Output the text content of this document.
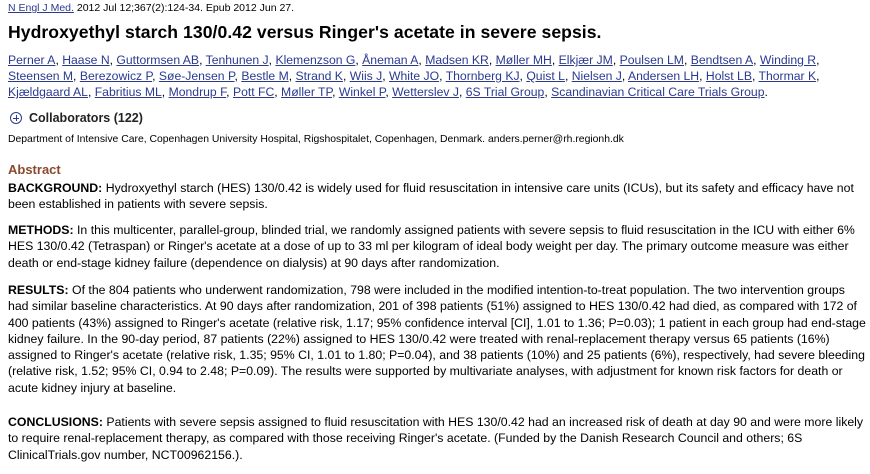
N Engl J Med. 2012 Jul 12;367(2):124-34. Epub 2012 Jun 27.
Hydroxyethyl starch 130/0.42 versus Ringer's acetate in severe sepsis.
Perner A, Haase N, Guttormsen AB, Tenhunen J, Klemenzson G, Åneman A, Madsen KR, Møller MH, Elkjær JM, Poulsen LM, Bendtsen A, Winding R, Steensen M, Berezowicz P, Søe-Jensen P, Bestle M, Strand K, Wiis J, White JO, Thornberg KJ, Quist L, Nielsen J, Andersen LH, Holst LB, Thormar K, Kjældgaard AL, Fabritius ML, Mondrup F, Pott FC, Møller TP, Winkel P, Wetterslev J, 6S Trial Group, Scandinavian Critical Care Trials Group.
Collaborators (122)
Department of Intensive Care, Copenhagen University Hospital, Rigshospitalet, Copenhagen, Denmark. anders.perner@rh.regionh.dk
Abstract
BACKGROUND: Hydroxyethyl starch (HES) 130/0.42 is widely used for fluid resuscitation in intensive care units (ICUs), but its safety and efficacy have not been established in patients with severe sepsis.
METHODS: In this multicenter, parallel-group, blinded trial, we randomly assigned patients with severe sepsis to fluid resuscitation in the ICU with either 6% HES 130/0.42 (Tetraspan) or Ringer's acetate at a dose of up to 33 ml per kilogram of ideal body weight per day. The primary outcome measure was either death or end-stage kidney failure (dependence on dialysis) at 90 days after randomization.
RESULTS: Of the 804 patients who underwent randomization, 798 were included in the modified intention-to-treat population. The two intervention groups had similar baseline characteristics. At 90 days after randomization, 201 of 398 patients (51%) assigned to HES 130/0.42 had died, as compared with 172 of 400 patients (43%) assigned to Ringer's acetate (relative risk, 1.17; 95% confidence interval [CI], 1.01 to 1.36; P=0.03); 1 patient in each group had end-stage kidney failure. In the 90-day period, 87 patients (22%) assigned to HES 130/0.42 were treated with renal-replacement therapy versus 65 patients (16%) assigned to Ringer's acetate (relative risk, 1.35; 95% CI, 1.01 to 1.80; P=0.04), and 38 patients (10%) and 25 patients (6%), respectively, had severe bleeding (relative risk, 1.52; 95% CI, 0.94 to 2.48; P=0.09). The results were supported by multivariate analyses, with adjustment for known risk factors for death or acute kidney injury at baseline.
CONCLUSIONS: Patients with severe sepsis assigned to fluid resuscitation with HES 130/0.42 had an increased risk of death at day 90 and were more likely to require renal-replacement therapy, as compared with those receiving Ringer's acetate. (Funded by the Danish Research Council and others; 6S ClinicalTrials.gov number, NCT00962156.).
